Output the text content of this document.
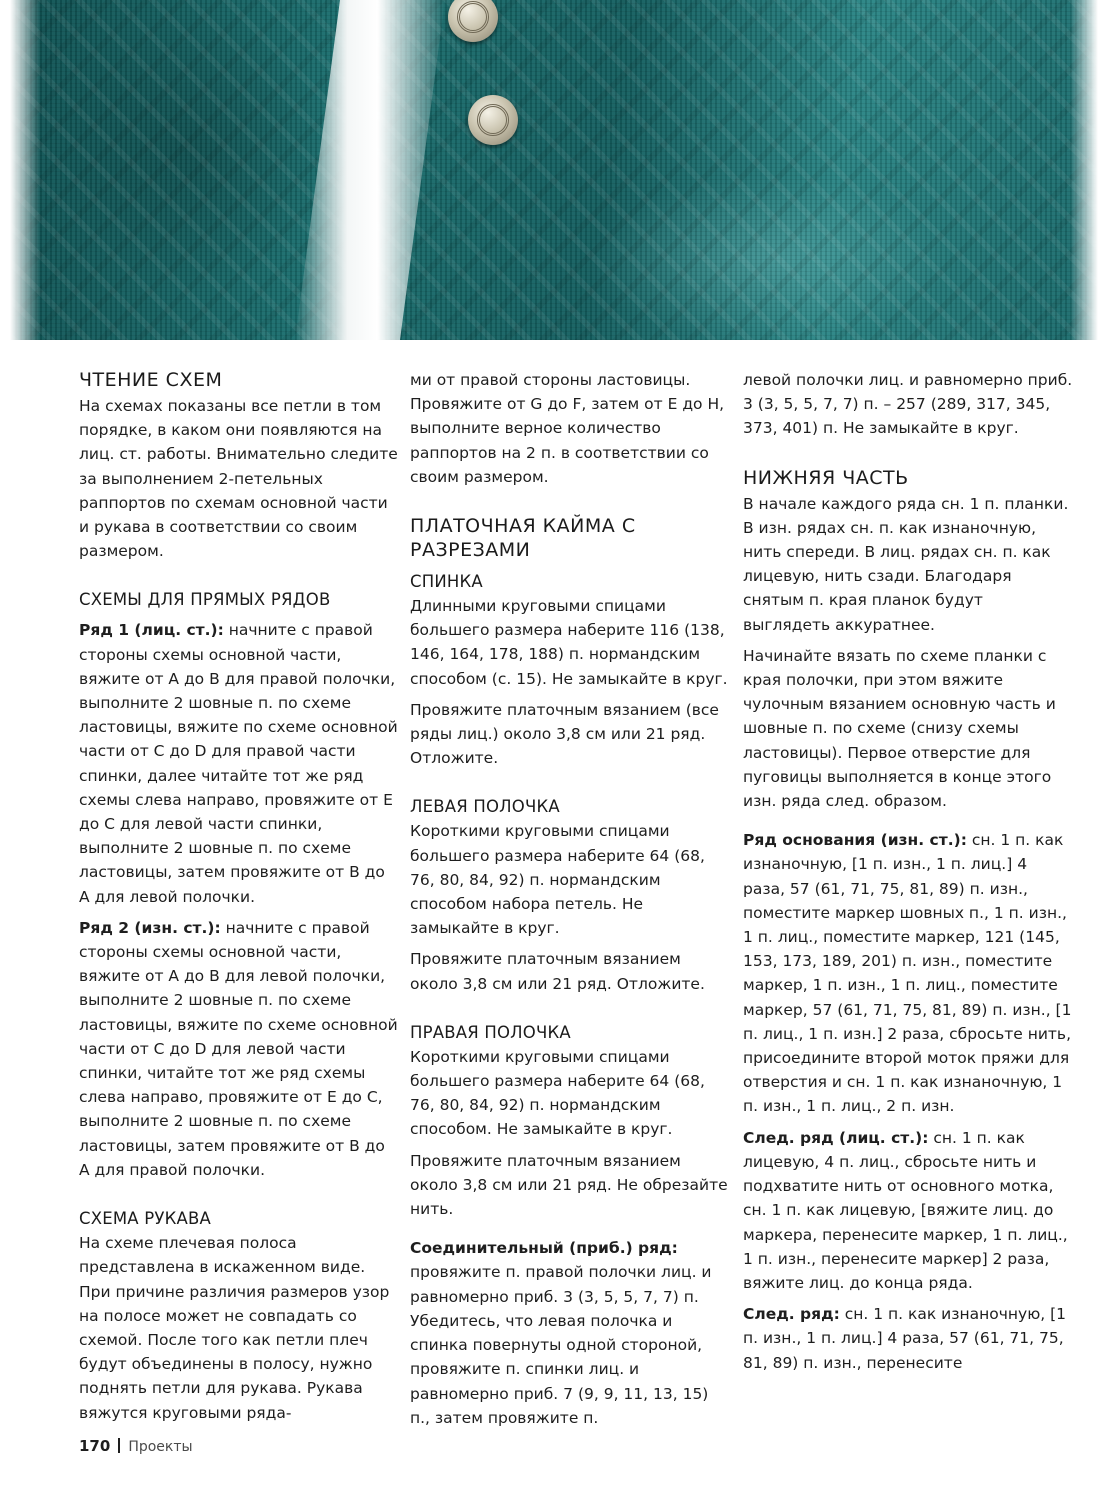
ЧТЕНИЕ СХЕМ

На схемах показаны все петли в том порядке, в каком они появляются на лиц. ст. работы. Внимательно следите за выполнением 2-петельных раппортов по схемам основной части и рукава в соответствии со своим размером.

СХЕМЫ ДЛЯ ПРЯМЫХ РЯДОВ

Ряд 1 (лиц. ст.): начните с правой стороны схемы основной части, вяжите от А до В для правой полочки, выполните 2 шовные п. по схеме ластовицы, вяжите по схеме основной части от С до D для правой части спинки, далее читайте тот же ряд схемы слева направо, провяжите от Е до С для левой части спинки, выполните 2 шовные п. по схеме ластовицы, затем провяжите от В до А для левой полочки.

Ряд 2 (изн. ст.): начните с правой стороны схемы основной части, вяжите от А до В для левой полочки, выполните 2 шовные п. по схеме ластовицы, вяжите по схеме основной части от С до D для левой части спинки, читайте тот же ряд схемы слева направо, провяжите от Е до С, выполните 2 шовные п. по схеме ластовицы, затем провяжите от В до А для правой полочки.

СХЕМА РУКАВА

На схеме плечевая полоса представлена в искаженном виде. При причине различия размеров узор на полосе может не совпадать со схемой. После того как петли плеч будут объединены в полосу, нужно поднять петли для рукава. Рукава вяжутся круговыми ряда-

ми от правой стороны ластовицы. Провяжите от G до F, затем от Е до Н, выполните верное количество раппортов на 2 п. в соответствии со своим размером.

ПЛАТОЧНАЯ КАЙМА С РАЗРЕЗАМИ
СПИНКА

Длинными круговыми спицами большего размера наберите 116 (138, 146, 164, 178, 188) п. нормандским способом (с. 15). Не замыкайте в круг.

Провяжите платочным вязанием (все ряды лиц.) около 3,8 см или 21 ряд. Отложите.

ЛЕВАЯ ПОЛОЧКА

Короткими круговыми спицами большего размера наберите 64 (68, 76, 80, 84, 92) п. нормандским способом набора петель. Не замыкайте в круг.

Провяжите платочным вязанием около 3,8 см или 21 ряд. Отложите.

ПРАВАЯ ПОЛОЧКА

Короткими круговыми спицами большего размера наберите 64 (68, 76, 80, 84, 92) п. нормандским способом. Не замыкайте в круг.

Провяжите платочным вязанием около 3,8 см или 21 ряд. Не обрезайте нить.

Соединительный (приб.) ряд: провяжите п. правой полочки лиц. и равномерно приб. 3 (3, 5, 5, 7, 7) п. Убедитесь, что левая полочка и спинка повернуты одной стороной, провяжите п. спинки лиц. и равномерно приб. 7 (9, 9, 11, 13, 15) п., затем провяжите п.

левой полочки лиц. и равномерно приб. 3 (3, 5, 5, 7, 7) п. – 257 (289, 317, 345, 373, 401) п. Не замыкайте в круг.

НИЖНЯЯ ЧАСТЬ

В начале каждого ряда сн. 1 п. планки. В изн. рядах сн. п. как изнаночную, нить спереди. В лиц. рядах сн. п. как лицевую, нить сзади. Благодаря снятым п. края планок будут выглядеть аккуратнее.

Начинайте вязать по схеме планки с края полочки, при этом вяжите чулочным вязанием основную часть и шовные п. по схеме (снизу схемы ластовицы). Первое отверстие для пуговицы выполняется в конце этого изн. ряда след. образом.

Ряд основания (изн. ст.): сн. 1 п. как изнаночную, [1 п. изн., 1 п. лиц.] 4 раза, 57 (61, 71, 75, 81, 89) п. изн., поместите маркер шовных п., 1 п. изн., 1 п. лиц., поместите маркер, 121 (145, 153, 173, 189, 201) п. изн., поместите маркер, 1 п. изн., 1 п. лиц., поместите маркер, 57 (61, 71, 75, 81, 89) п. изн., [1 п. лиц., 1 п. изн.] 2 раза, сбросьте нить, присоедините второй моток пряжи для отверстия и сн. 1 п. как изнаночную, 1 п. изн., 1 п. лиц., 2 п. изн.

След. ряд (лиц. ст.): сн. 1 п. как лицевую, 4 п. лиц., сбросьте нить и подхватите нить от основного мотка, сн. 1 п. как лицевую, [вяжите лиц. до маркера, перенесите маркер, 1 п. лиц., 1 п. изн., перенесите маркер] 2 раза, вяжите лиц. до конца ряда.

След. ряд: сн. 1 п. как изнаночную, [1 п. изн., 1 п. лиц.] 4 раза, 57 (61, 71, 75, 81, 89) п. изн., перенесите

170 Проекты
